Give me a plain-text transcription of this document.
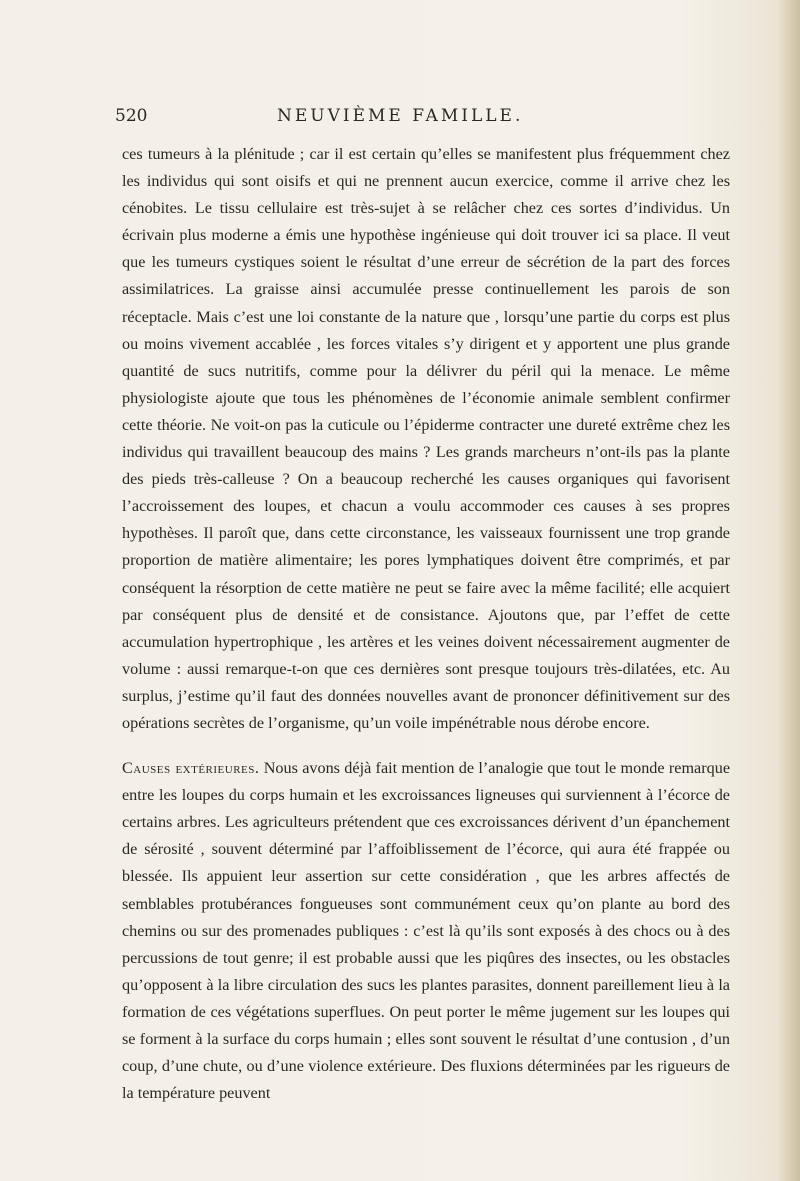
520	NEUVIÈME FAMILLE.

ces tumeurs à la plénitude ; car il est certain qu’elles se manifestent plus fréquemment chez les individus qui sont oisifs et qui ne prennent aucun exercice, comme il arrive chez les cénobites. Le tissu cellulaire est très-sujet à se relâcher chez ces sortes d’individus. Un écrivain plus moderne a émis une hypothèse ingénieuse qui doit trouver ici sa place. Il veut que les tumeurs cystiques soient le résultat d’une erreur de sécrétion de la part des forces assimilatrices. La graisse ainsi accumulée presse continuellement les parois de son réceptacle. Mais c’est une loi constante de la nature que , lorsqu’une partie du corps est plus ou moins vivement accablée , les forces vitales s’y dirigent et y apportent une plus grande quantité de sucs nutritifs, comme pour la délivrer du péril qui la menace. Le même physiologiste ajoute que tous les phénomènes de l’économie animale semblent confirmer cette théorie. Ne voit-on pas la cuticule ou l’épiderme contracter une dureté extrême chez les individus qui travaillent beaucoup des mains ? Les grands marcheurs n’ont-ils pas la plante des pieds très-calleuse ? On a beaucoup recherché les causes organiques qui favorisent l’accroissement des loupes, et chacun a voulu accommoder ces causes à ses propres hypothèses. Il paroît que, dans cette circonstance, les vaisseaux fournissent une trop grande proportion de matière alimentaire; les pores lymphatiques doivent être comprimés, et par conséquent la résorption de cette matière ne peut se faire avec la même facilité; elle acquiert par conséquent plus de densité et de consistance. Ajoutons que, par l’effet de cette accumulation hypertrophique , les artères et les veines doivent nécessairement augmenter de volume : aussi remarque-t-on que ces dernières sont presque toujours très-dilatées, etc. Au surplus, j’estime qu’il faut des données nouvelles avant de prononcer définitivement sur des opérations secrètes de l’organisme, qu’un voile impénétrable nous dérobe encore.

Causes extérieures. Nous avons déjà fait mention de l’analogie que tout le monde remarque entre les loupes du corps humain et les excroissances ligneuses qui surviennent à l’écorce de certains arbres. Les agriculteurs prétendent que ces excroissances dérivent d’un épanchement de sérosité , souvent déterminé par l’affoiblissement de l’écorce, qui aura été frappée ou blessée. Ils appuient leur assertion sur cette considération , que les arbres affectés de semblables protubérances fongueuses sont communément ceux qu’on plante au bord des chemins ou sur des promenades publiques : c’est là qu’ils sont exposés à des chocs ou à des percussions de tout genre; il est probable aussi que les piqûres des insectes, ou les obstacles qu’opposent à la libre circulation des sucs les plantes parasites, donnent pareillement lieu à la formation de ces végétations superflues. On peut porter le même jugement sur les loupes qui se forment à la surface du corps humain ; elles sont souvent le résultat d’une contusion , d’un coup, d’une chute, ou d’une violence extérieure. Des fluxions déterminées par les rigueurs de la température peuvent
